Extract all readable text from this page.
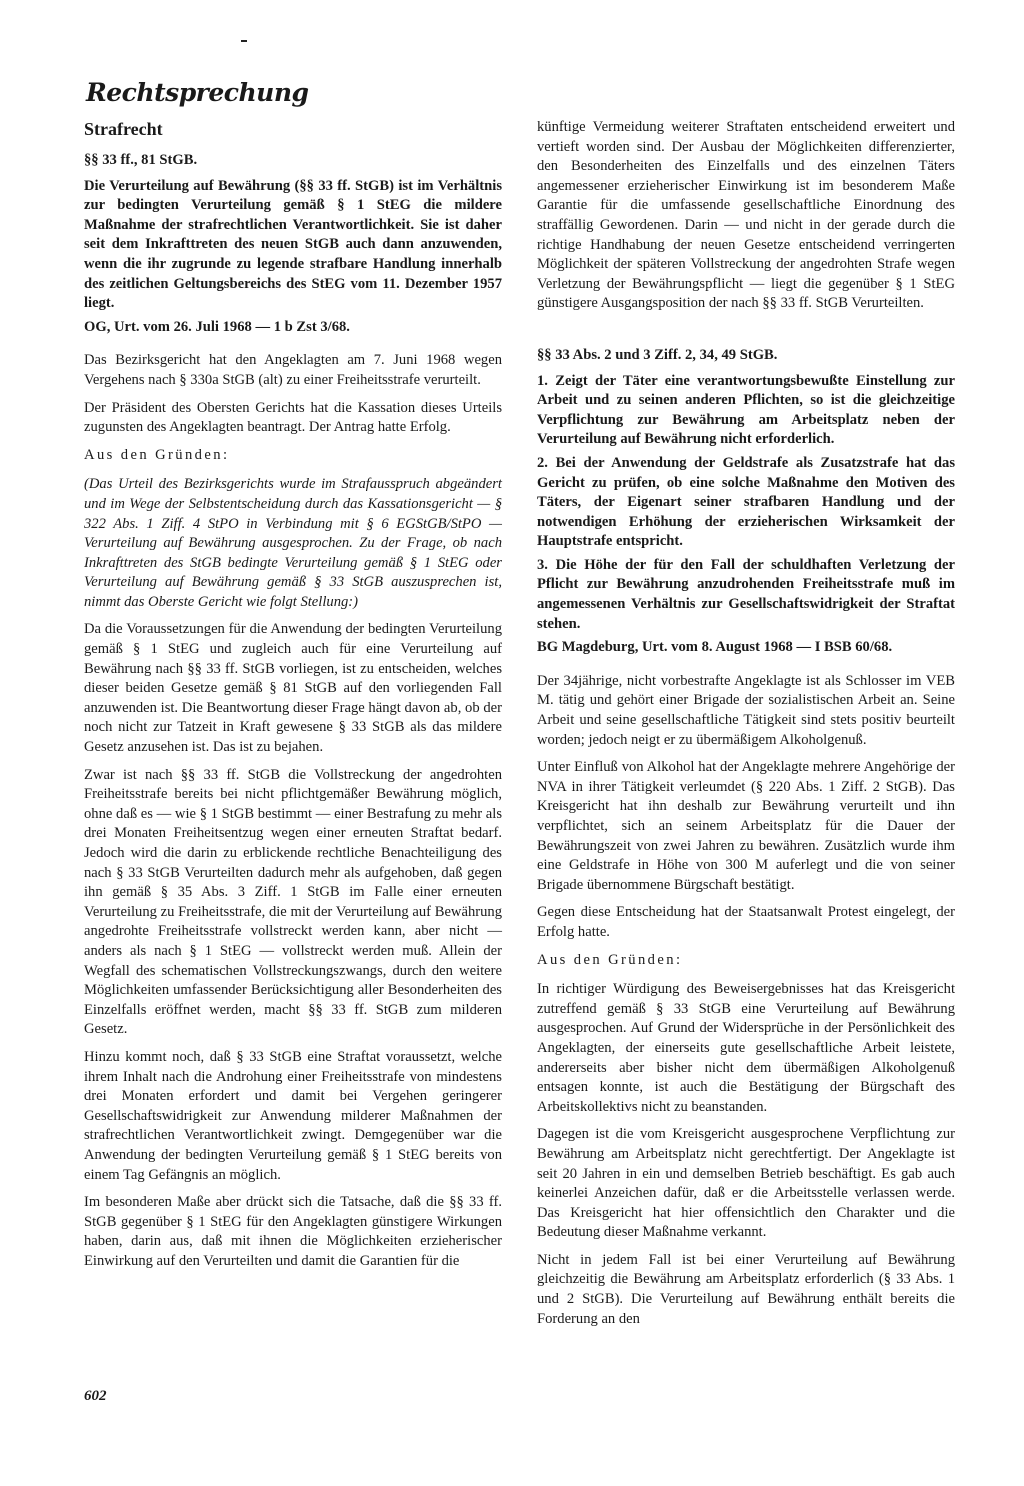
Rechtsprechung

Strafrecht

§§ 33 ff., 81 StGB.

Die Verurteilung auf Bewährung (§§ 33 ff. StGB) ist im Verhältnis zur bedingten Verurteilung gemäß § 1 StEG die mildere Maßnahme der strafrechtlichen Verantwortlichkeit. Sie ist daher seit dem Inkrafttreten des neuen StGB auch dann anzuwenden, wenn die ihr zugrunde zu legende strafbare Handlung innerhalb des zeitlichen Geltungsbereichs des StEG vom 11. Dezember 1957 liegt.

OG, Urt. vom 26. Juli 1968 — 1 b Zst 3/68.

Das Bezirksgericht hat den Angeklagten am 7. Juni 1968 wegen Vergehens nach § 330a StGB (alt) zu einer Freiheitsstrafe verurteilt.

Der Präsident des Obersten Gerichts hat die Kassation dieses Urteils zugunsten des Angeklagten beantragt. Der Antrag hatte Erfolg.

Aus den Gründen:

(Das Urteil des Bezirksgerichts wurde im Strafausspruch abgeändert und im Wege der Selbstentscheidung durch das Kassationsgericht — § 322 Abs. 1 Ziff. 4 StPO in Verbindung mit § 6 EGStGB/StPO — Verurteilung auf Bewährung ausgesprochen. Zu der Frage, ob nach Inkrafttreten des StGB bedingte Verurteilung gemäß § 1 StEG oder Verurteilung auf Bewährung gemäß § 33 StGB auszusprechen ist, nimmt das Oberste Gericht wie folgt Stellung:)

Da die Voraussetzungen für die Anwendung der bedingten Verurteilung gemäß § 1 StEG und zugleich auch für eine Verurteilung auf Bewährung nach §§ 33 ff. StGB vorliegen, ist zu entscheiden, welches dieser beiden Gesetze gemäß § 81 StGB auf den vorliegenden Fall anzuwenden ist. Die Beantwortung dieser Frage hängt davon ab, ob der noch nicht zur Tatzeit in Kraft gewesene § 33 StGB als das mildere Gesetz anzusehen ist. Das ist zu bejahen.

Zwar ist nach §§ 33 ff. StGB die Vollstreckung der angedrohten Freiheitsstrafe bereits bei nicht pflichtgemäßer Bewährung möglich, ohne daß es — wie § 1 StGB bestimmt — einer Bestrafung zu mehr als drei Monaten Freiheitsentzug wegen einer erneuten Straftat bedarf. Jedoch wird die darin zu erblickende rechtliche Benachteiligung des nach § 33 StGB Verurteilten dadurch mehr als aufgehoben, daß gegen ihn gemäß § 35 Abs. 3 Ziff. 1 StGB im Falle einer erneuten Verurteilung zu Freiheitsstrafe, die mit der Verurteilung auf Bewährung angedrohte Freiheitsstrafe vollstreckt werden kann, aber nicht — anders als nach § 1 StEG — vollstreckt werden muß. Allein der Wegfall des schematischen Vollstreckungszwangs, durch den weitere Möglichkeiten umfassender Berücksichtigung aller Besonderheiten des Einzelfalls eröffnet werden, macht §§ 33 ff. StGB zum milderen Gesetz.

Hinzu kommt noch, daß § 33 StGB eine Straftat voraussetzt, welche ihrem Inhalt nach die Androhung einer Freiheitsstrafe von mindestens drei Monaten erfordert und damit bei Vergehen geringerer Gesellschaftswidrigkeit zur Anwendung milderer Maßnahmen der strafrechtlichen Verantwortlichkeit zwingt. Demgegenüber war die Anwendung der bedingten Verurteilung gemäß § 1 StEG bereits von einem Tag Gefängnis an möglich.

Im besonderen Maße aber drückt sich die Tatsache, daß die §§ 33 ff. StGB gegenüber § 1 StEG für den Angeklagten günstigere Wirkungen haben, darin aus, daß mit ihnen die Möglichkeiten erzieherischer Einwirkung auf den Verurteilten und damit die Garantien für die

künftige Vermeidung weiterer Straftaten entscheidend erweitert und vertieft worden sind. Der Ausbau der Möglichkeiten differenzierter, den Besonderheiten des Einzelfalls und des einzelnen Täters angemessener erzieherischer Einwirkung ist im besonderem Maße Garantie für die umfassende gesellschaftliche Einordnung des straffällig Gewordenen. Darin — und nicht in der gerade durch die richtige Handhabung der neuen Gesetze entscheidend verringerten Möglichkeit der späteren Vollstreckung der angedrohten Strafe wegen Verletzung der Bewährungspflicht — liegt die gegenüber § 1 StEG günstigere Ausgangsposition der nach §§ 33 ff. StGB Verurteilten.

§§ 33 Abs. 2 und 3 Ziff. 2, 34, 49 StGB.

1. Zeigt der Täter eine verantwortungsbewußte Einstellung zur Arbeit und zu seinen anderen Pflichten, so ist die gleichzeitige Verpflichtung zur Bewährung am Arbeitsplatz neben der Verurteilung auf Bewährung nicht erforderlich.

2. Bei der Anwendung der Geldstrafe als Zusatzstrafe hat das Gericht zu prüfen, ob eine solche Maßnahme den Motiven des Täters, der Eigenart seiner strafbaren Handlung und der notwendigen Erhöhung der erzieherischen Wirksamkeit der Hauptstrafe entspricht.

3. Die Höhe der für den Fall der schuldhaften Verletzung der Pflicht zur Bewährung anzudrohenden Freiheitsstrafe muß im angemessenen Verhältnis zur Gesellschaftswidrigkeit der Straftat stehen.

BG Magdeburg, Urt. vom 8. August 1968 — I BSB 60/68.

Der 34jährige, nicht vorbestrafte Angeklagte ist als Schlosser im VEB M. tätig und gehört einer Brigade der sozialistischen Arbeit an. Seine Arbeit und seine gesellschaftliche Tätigkeit sind stets positiv beurteilt worden; jedoch neigt er zu übermäßigem Alkoholgenuß.

Unter Einfluß von Alkohol hat der Angeklagte mehrere Angehörige der NVA in ihrer Tätigkeit verleumdet (§ 220 Abs. 1 Ziff. 2 StGB). Das Kreisgericht hat ihn deshalb zur Bewährung verurteilt und ihn verpflichtet, sich an seinem Arbeitsplatz für die Dauer der Bewährungszeit von zwei Jahren zu bewähren. Zusätzlich wurde ihm eine Geldstrafe in Höhe von 300 M auferlegt und die von seiner Brigade übernommene Bürgschaft bestätigt.

Gegen diese Entscheidung hat der Staatsanwalt Protest eingelegt, der Erfolg hatte.

Aus den Gründen:

In richtiger Würdigung des Beweisergebnisses hat das Kreisgericht zutreffend gemäß § 33 StGB eine Verurteilung auf Bewährung ausgesprochen. Auf Grund der Widersprüche in der Persönlichkeit des Angeklagten, der einerseits gute gesellschaftliche Arbeit leistete, andererseits aber bisher nicht dem übermäßigen Alkoholgenuß entsagen konnte, ist auch die Bestätigung der Bürgschaft des Arbeitskollektivs nicht zu beanstanden.

Dagegen ist die vom Kreisgericht ausgesprochene Verpflichtung zur Bewährung am Arbeitsplatz nicht gerechtfertigt. Der Angeklagte ist seit 20 Jahren in ein und demselben Betrieb beschäftigt. Es gab auch keinerlei Anzeichen dafür, daß er die Arbeitsstelle verlassen werde. Das Kreisgericht hat hier offensichtlich den Charakter und die Bedeutung dieser Maßnahme verkannt.

Nicht in jedem Fall ist bei einer Verurteilung auf Bewährung gleichzeitig die Bewährung am Arbeitsplatz erforderlich (§ 33 Abs. 1 und 2 StGB). Die Verurteilung auf Bewährung enthält bereits die Forderung an den

602
